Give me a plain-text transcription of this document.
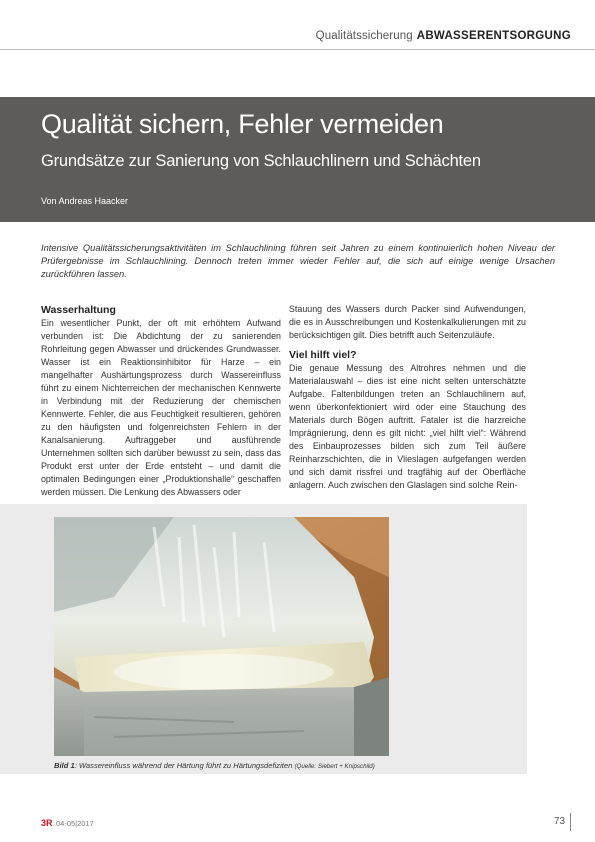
Qualitätssicherung ABWASSERENTSORGUNG
Qualität sichern, Fehler vermeiden
Grundsätze zur Sanierung von Schlauchlinern und Schächten
Von Andreas Haacker
Intensive Qualitätssicherungsaktivitäten im Schlauchlining führen seit Jahren zu einem kontinuierlich hohen Niveau der Prüfergebnisse im Schlauchlining. Dennoch treten immer wieder Fehler auf, die sich auf einige wenige Ursachen zurückführen lassen.
Wasserhaltung

Ein wesentlicher Punkt, der oft mit erhöhtem Aufwand verbunden ist: Die Abdichtung der zu sanierenden Rohrleitung gegen Abwasser und drückendes Grundwasser. Wasser ist ein Reaktionsinhibitor für Harze – ein mangelhafter Aushärtungsprozess durch Wassereinfluss führt zu einem Nichterreichen der mechanischen Kennwerte in Verbindung mit der Reduzierung der chemischen Kennwerte. Fehler, die aus Feuchtigkeit resultieren, gehören zu den häufigsten und folgenreichsten Fehlern in der Kanalsanierung. Auftraggeber und ausführende Unternehmen sollten sich darüber bewusst zu sein, dass das Produkt erst unter der Erde entsteht – und damit die optimalen Bedingungen einer „Produktionshalle“ geschaffen werden müssen. Die Lenkung des Abwassers oder

Stauung des Wassers durch Packer sind Aufwendungen, die es in Ausschreibungen und Kostenkalkulierungen mit zu berücksichtigen gilt. Dies betrifft auch Seitenzuläufe.

Viel hilft viel?

Die genaue Messung des Altrohres nehmen und die Materialauswahl – dies ist eine nicht selten unterschätzte Aufgabe. Faltenbildungen treten an Schlauchlinern auf, wenn überkonfektioniert wird oder eine Stauchung des Materials durch Bögen auftritt. Fataler ist die harzreiche Imprägnierung, denn es gilt nicht: „viel hilft viel“: Während des Einbauprozesses bilden sich zum Teil äußere Reinharzschichten, die in Vlieslagen aufgefangen werden und sich damit rissfrei und tragfähig auf der Oberfläche anlagern. Auch zwischen den Glaslagen sind solche Rein-

Bild 1: Wassereinfluss während der Härtung führt zu Härtungsdefiziten (Quelle: Siebert + Knipschild)
3R 04-05|2017	73
